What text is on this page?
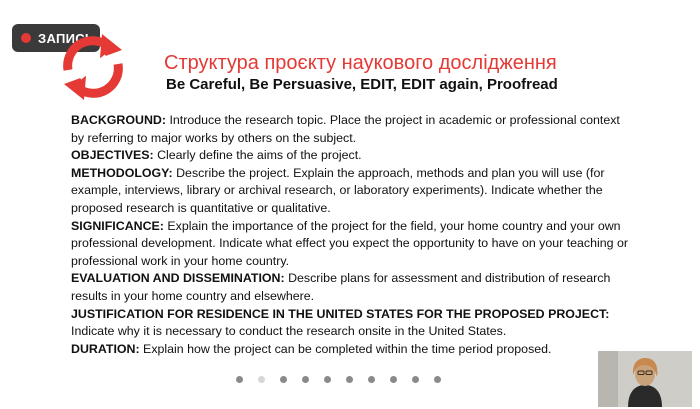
ЗАПИСЬ
Структура проєкту наукового дослідження
Be Careful, Be Persuasive, EDIT, EDIT again, Proofread

BACKGROUND: Introduce the research topic. Place the project in academic or professional context by referring to major works by others on the subject.

OBJECTIVES: Clearly define the aims of the project.

METHODOLOGY: Describe the project. Explain the approach, methods and plan you will use (for example, interviews, library or archival research, or laboratory experiments). Indicate whether the proposed research is quantitative or qualitative.

SIGNIFICANCE: Explain the importance of the project for the field, your home country and your own professional development. Indicate what effect you expect the opportunity to have on your teaching or professional work in your home country.

EVALUATION AND DISSEMINATION: Describe plans for assessment and distribution of research results in your home country and elsewhere.

JUSTIFICATION FOR RESIDENCE IN THE UNITED STATES FOR THE PROPOSED PROJECT: Indicate why it is necessary to conduct the research onsite in the United States.

DURATION: Explain how the project can be completed within the time period proposed.
